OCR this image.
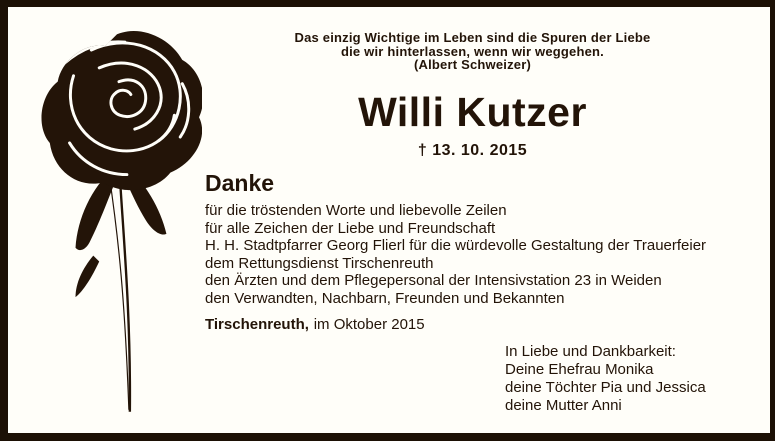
Das einzig Wichtige im Leben sind die Spuren der Liebe
die wir hinterlassen, wenn wir weggehen.
(Albert Schweizer)
Willi Kutzer
† 13. 10. 2015
Danke
für die tröstenden Worte und liebevolle Zeilen
für alle Zeichen der Liebe und Freundschaft
H. H. Stadtpfarrer Georg Flierl für die würdevolle Gestaltung der Trauerfeier
dem Rettungsdienst Tirschenreuth
den Ärzten und dem Pflegepersonal der Intensivstation 23 in Weiden
den Verwandten, Nachbarn, Freunden und Bekannten
Tirschenreuth, im Oktober 2015
In Liebe und Dankbarkeit:
Deine Ehefrau Monika
deine Töchter Pia und Jessica
deine Mutter Anni
